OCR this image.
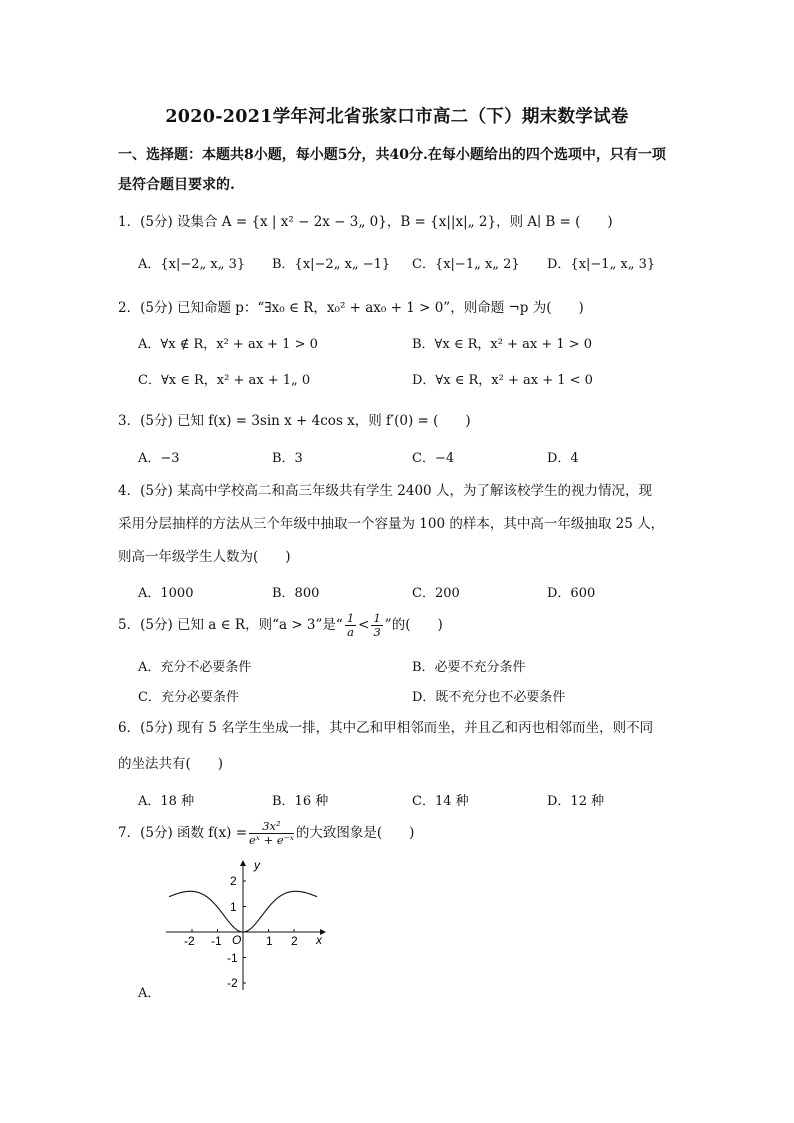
2020-2021学年河北省张家口市高二（下）期末数学试卷
一、选择题：本题共8小题，每小题5分，共40分.在每小题给出的四个选项中，只有一项
是符合题目要求的.
1．(5分) 设集合 A = {x | x² − 2x − 3„ 0}，B = {x||x|„ 2}，则 A∣ B = (　　)
A．{x|−2„ x„ 3} B．{x|−2„ x„ −1} C．{x|−1„ x„ 2} D．{x|−1„ x„ 3}
2．(5分) 已知命题 p：“∃x₀ ∈ R，x₀² + ax₀ + 1 > 0”，则命题 ¬p 为(　　)
A．∀x ∉ R，x² + ax + 1 > 0	B．∀x ∈ R，x² + ax + 1 > 0
C．∀x ∈ R，x² + ax + 1„ 0	D．∀x ∈ R，x² + ax + 1 < 0
3．(5分) 已知 f(x) = 3sin x + 4cos x，则 f′(0) = (　　)
A．−3	B．3	C．−4	D．4
4．(5分) 某高中学校高二和高三年级共有学生 2400 人，为了解该校学生的视力情况，现
采用分层抽样的方法从三个年级中抽取一个容量为 100 的样本，其中高一年级抽取 25 人，
则高一年级学生人数为(　　)
A．1000	B．800	C．200	D．600
5．(5分) 已知 a ∈ R，则“a > 3”是“ $\frac{1}{a} < \frac{1}{3}$ ”的(　　)
A．充分不必要条件	B．必要不充分条件
C．充分必要条件	D．既不充分也不必要条件
6．(5分) 现有 5 名学生坐成一排，其中乙和甲相邻而坐，并且乙和丙也相邻而坐，则不同
的坐法共有(　　)
A．18 种	B．16 种	C．14 种	D．12 种
7．(5分) 函数 $f(x) = \frac{\text{3x²}}{\text{eˣ + e⁻ˣ}}$ 的大致图象是(　　)
y
x
O
-2 -1	1 2
2
1
-1
-2
A．
